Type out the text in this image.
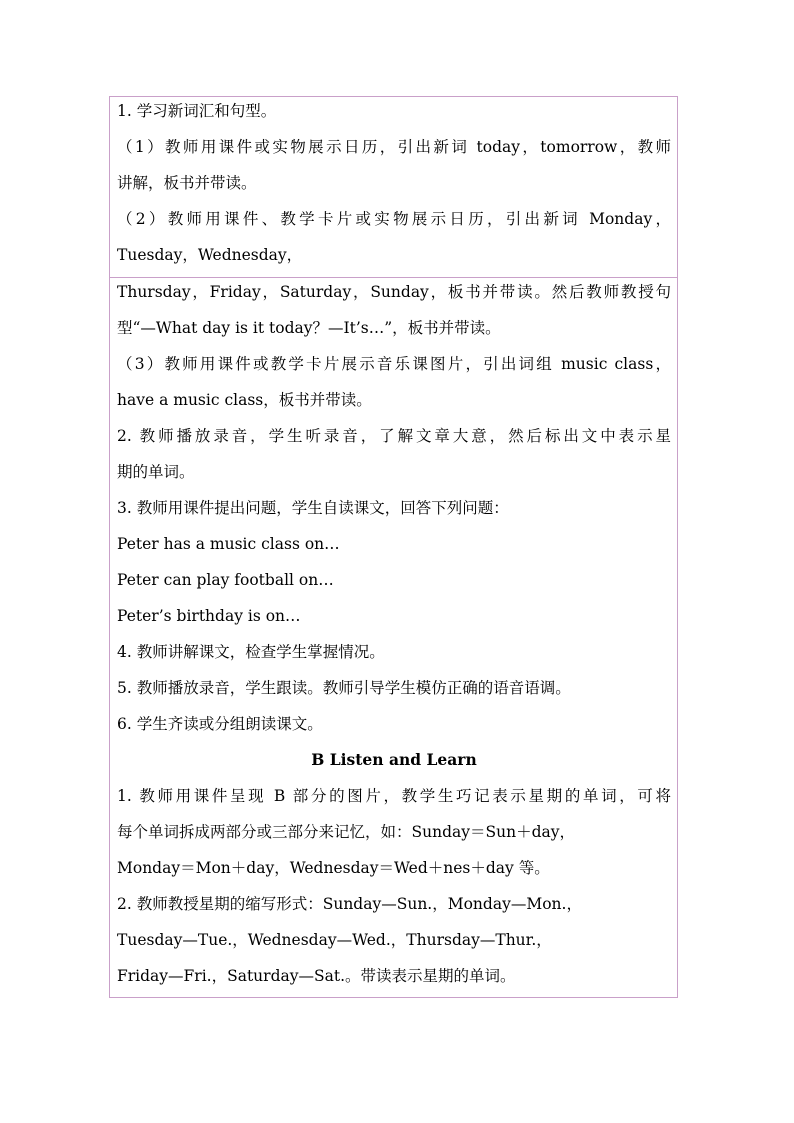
1. 学习新词汇和句型。
（1）教师用课件或实物展示日历，引出新词 today，tomorrow，教师
讲解，板书并带读。
（2）教师用课件、教学卡片或实物展示日历，引出新词 Monday，
Tuesday，Wednesday，
Thursday，Friday，Saturday，Sunday，板书并带读。然后教师教授句
型“—What day is it today？—It’s…”，板书并带读。
（3）教师用课件或教学卡片展示音乐课图片，引出词组 music class，
have a music class，板书并带读。
2. 教师播放录音，学生听录音，了解文章大意，然后标出文中表示星
期的单词。
3. 教师用课件提出问题，学生自读课文，回答下列问题：
Peter has a music class on…
Peter can play football on…
Peter’s birthday is on…
4. 教师讲解课文，检查学生掌握情况。
5. 教师播放录音，学生跟读。教师引导学生模仿正确的语音语调。
6. 学生齐读或分组朗读课文。
B Listen and Learn
1. 教师用课件呈现 B 部分的图片，教学生巧记表示星期的单词，可将
每个单词拆成两部分或三部分来记忆，如：Sunday＝Sun＋day，
Monday＝Mon＋day，Wednesday＝Wed＋nes＋day 等。
2. 教师教授星期的缩写形式：Sunday—Sun.，Monday—Mon.，
Tuesday—Tue.，Wednesday—Wed.，Thursday—Thur.，
Friday—Fri.，Saturday—Sat.。带读表示星期的单词。
